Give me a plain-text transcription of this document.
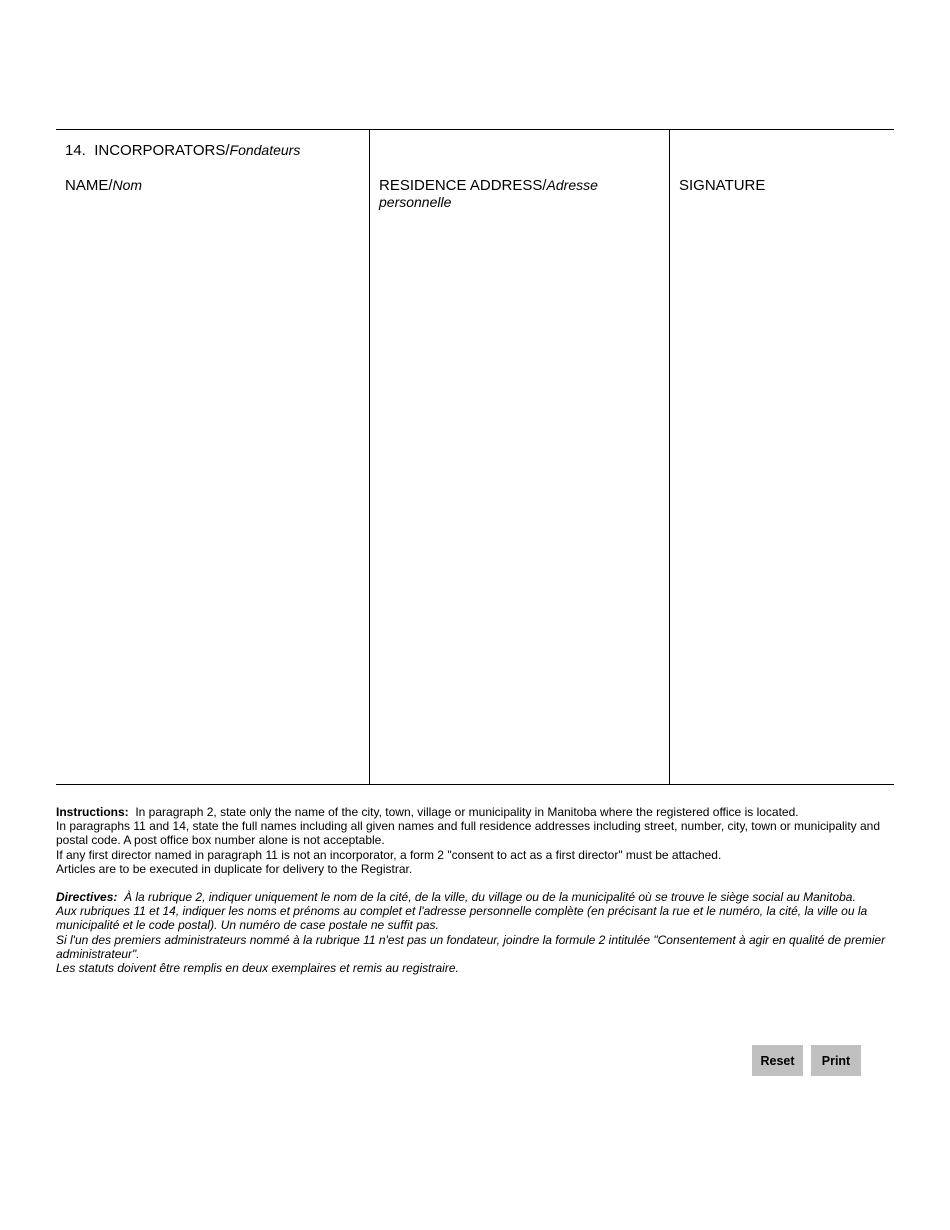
14. INCORPORATORS/Fondateurs
NAME/Nom	RESIDENCE ADDRESS/Adresse personnelle
SIGNATURE

Instructions: In paragraph 2, state only the name of the city, town, village or municipality in Manitoba where the registered office is located.

In paragraphs 11 and 14, state the full names including all given names and full residence addresses including street, number, city, town or municipality and postal code. A post office box number alone is not acceptable.

If any first director named in paragraph 11 is not an incorporator, a form 2 "consent to act as a first director" must be attached.

Articles are to be executed in duplicate for delivery to the Registrar.

Directives: À la rubrique 2, indiquer uniquement le nom de la cité, de la ville, du village ou de la municipalité où se trouve le siège social au Manitoba.

Aux rubriques 11 et 14, indiquer les noms et prénoms au complet et l'adresse personnelle complète (en précisant la rue et le numéro, la cité, la ville ou la municipalité et le code postal). Un numéro de case postale ne suffit pas.

Si l'un des premiers administrateurs nommé à la rubrique 11 n'est pas un fondateur, joindre la formule 2 intitulée "Consentement à agir en qualité de premier administrateur".

Les statuts doivent être remplis en deux exemplaires et remis au registraire.

Reset	Print
